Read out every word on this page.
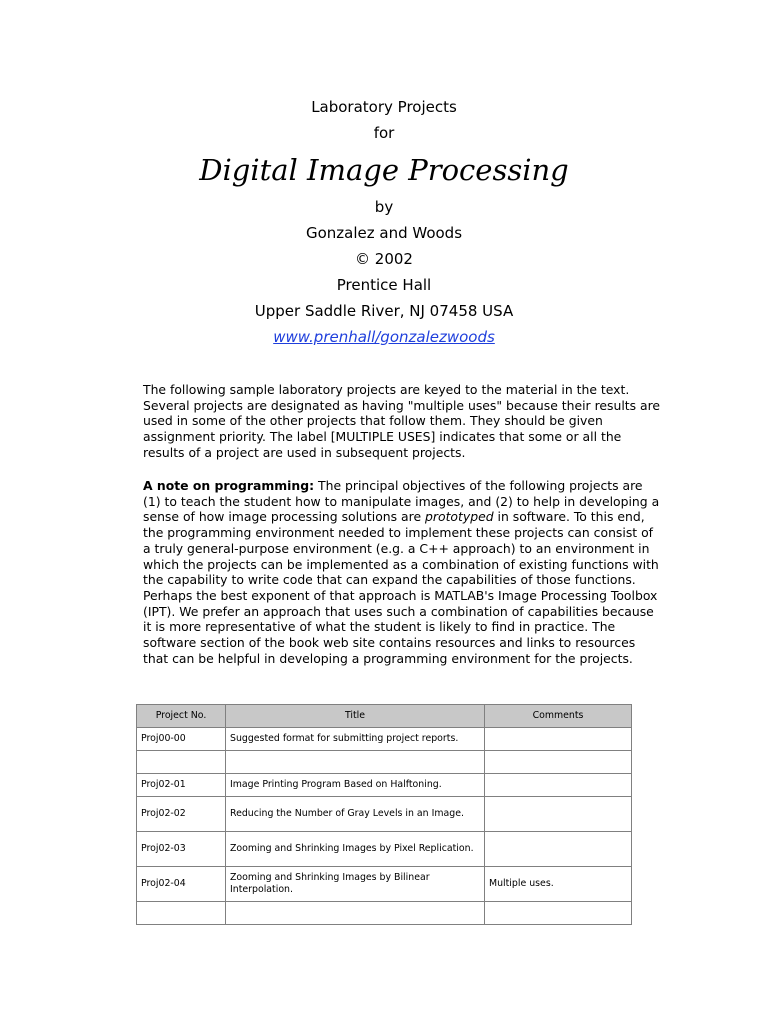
Laboratory Projects
for
Digital Image Processing
by
Gonzalez and Woods
© 2002
Prentice Hall
Upper Saddle River, NJ 07458 USA
www.prenhall/gonzalezwoods

The following sample laboratory projects are keyed to the material in the text. Several projects are designated as having "multiple uses" because their results are used in some of the other projects that follow them. They should be given assignment priority. The label [MULTIPLE USES] indicates that some or all the results of a project are used in subsequent projects.

A note on programming: The principal objectives of the following projects are (1) to teach the student how to manipulate images, and (2) to help in developing a sense of how image processing solutions are prototyped in software. To this end, the programming environment needed to implement these projects can consist of a truly general-purpose environment (e.g. a C++ approach) to an environment in which the projects can be implemented as a combination of existing functions with the capability to write code that can expand the capabilities of those functions. Perhaps the best exponent of that approach is MATLAB's Image Processing Toolbox (IPT). We prefer an approach that uses such a combination of capabilities because it is more representative of what the student is likely to find in practice. The software section of the book web site contains resources and links to resources that can be helpful in developing a programming environment for the projects.

Project No.	Title	Comments
Proj00-00	Suggested format for submitting project reports.	

Proj02-01	Image Printing Program Based on Halftoning.	
Proj02-02	Reducing the Number of Gray Levels in an Image.	
Proj02-03	Zooming and Shrinking Images by Pixel Replication.	
Proj02-04	Zooming and Shrinking Images by Bilinear Interpolation.	Multiple uses.
